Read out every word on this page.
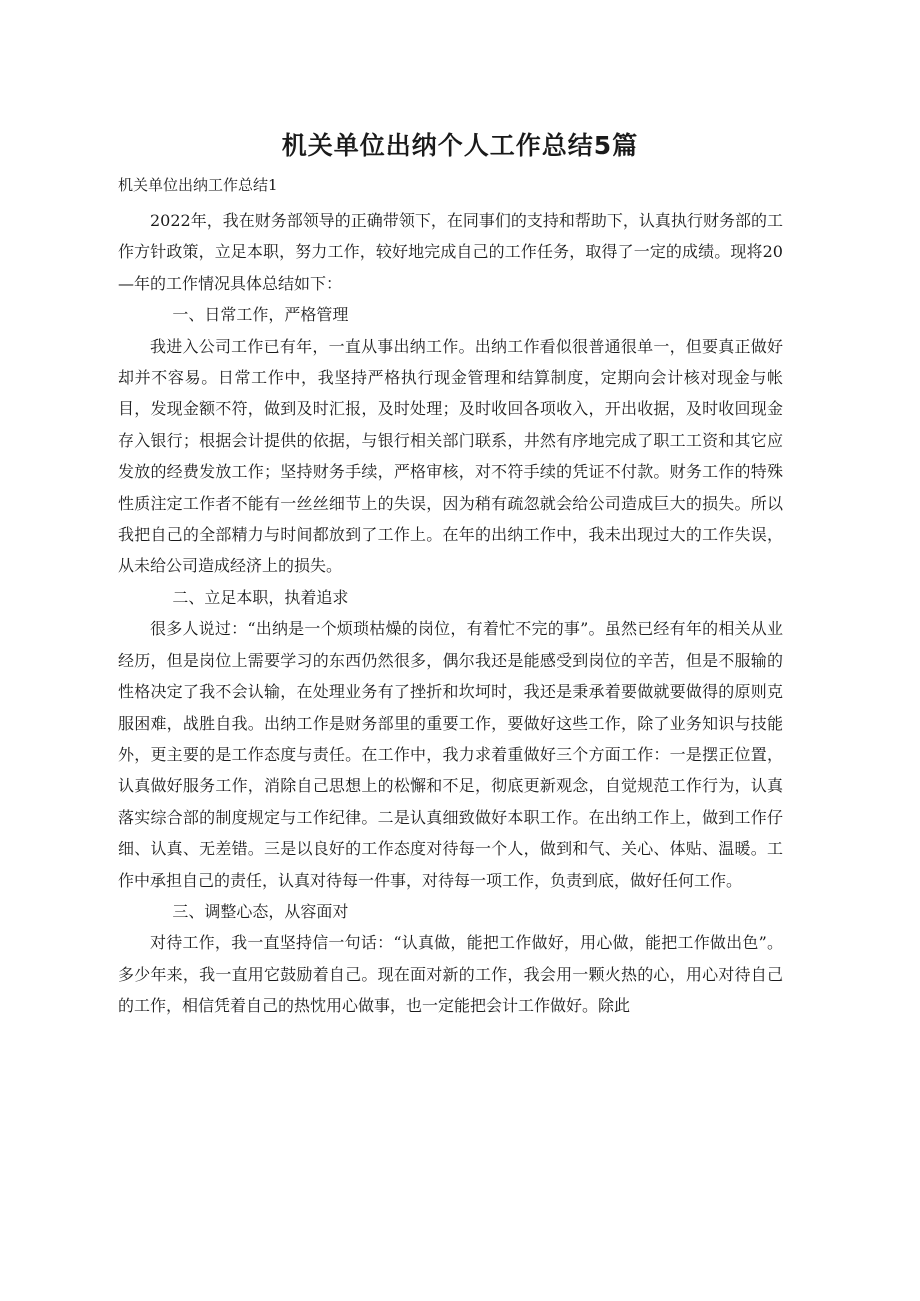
机关单位出纳个人工作总结5篇
机关单位出纳工作总结1

2022年，我在财务部领导的正确带领下，在同事们的支持和帮助下，认真执行财务部的工作方针政策，立足本职，努力工作，较好地完成自己的工作任务，取得了一定的成绩。现将20—年的工作情况具体总结如下：

一、日常工作，严格管理

我进入公司工作已有年，一直从事出纳工作。出纳工作看似很普通很单一，但要真正做好却并不容易。日常工作中，我坚持严格执行现金管理和结算制度，定期向会计核对现金与帐目，发现金额不符，做到及时汇报，及时处理；及时收回各项收入，开出收据，及时收回现金存入银行；根据会计提供的依据，与银行相关部门联系，井然有序地完成了职工工资和其它应发放的经费发放工作；坚持财务手续，严格审核，对不符手续的凭证不付款。财务工作的特殊性质注定工作者不能有一丝丝细节上的失误，因为稍有疏忽就会给公司造成巨大的损失。所以我把自己的全部精力与时间都放到了工作上。在年的出纳工作中，我未出现过大的工作失误，从未给公司造成经济上的损失。

二、立足本职，执着追求

很多人说过：“出纳是一个烦琐枯燥的岗位，有着忙不完的事”。虽然已经有年的相关从业经历，但是岗位上需要学习的东西仍然很多，偶尔我还是能感受到岗位的辛苦，但是不服输的性格决定了我不会认输，在处理业务有了挫折和坎坷时，我还是秉承着要做就要做得的原则克服困难，战胜自我。出纳工作是财务部里的重要工作，要做好这些工作，除了业务知识与技能外，更主要的是工作态度与责任。在工作中，我力求着重做好三个方面工作：一是摆正位置，认真做好服务工作，消除自己思想上的松懈和不足，彻底更新观念，自觉规范工作行为，认真落实综合部的制度规定与工作纪律。二是认真细致做好本职工作。在出纳工作上，做到工作仔细、认真、无差错。三是以良好的工作态度对待每一个人，做到和气、关心、体贴、温暖。工作中承担自己的责任，认真对待每一件事，对待每一项工作，负责到底，做好任何工作。

三、调整心态，从容面对

对待工作，我一直坚持信一句话：“认真做，能把工作做好，用心做，能把工作做出色”。多少年来，我一直用它鼓励着自己。现在面对新的工作，我会用一颗火热的心，用心对待自己的工作，相信凭着自己的热忱用心做事，也一定能把会计工作做好。除此
